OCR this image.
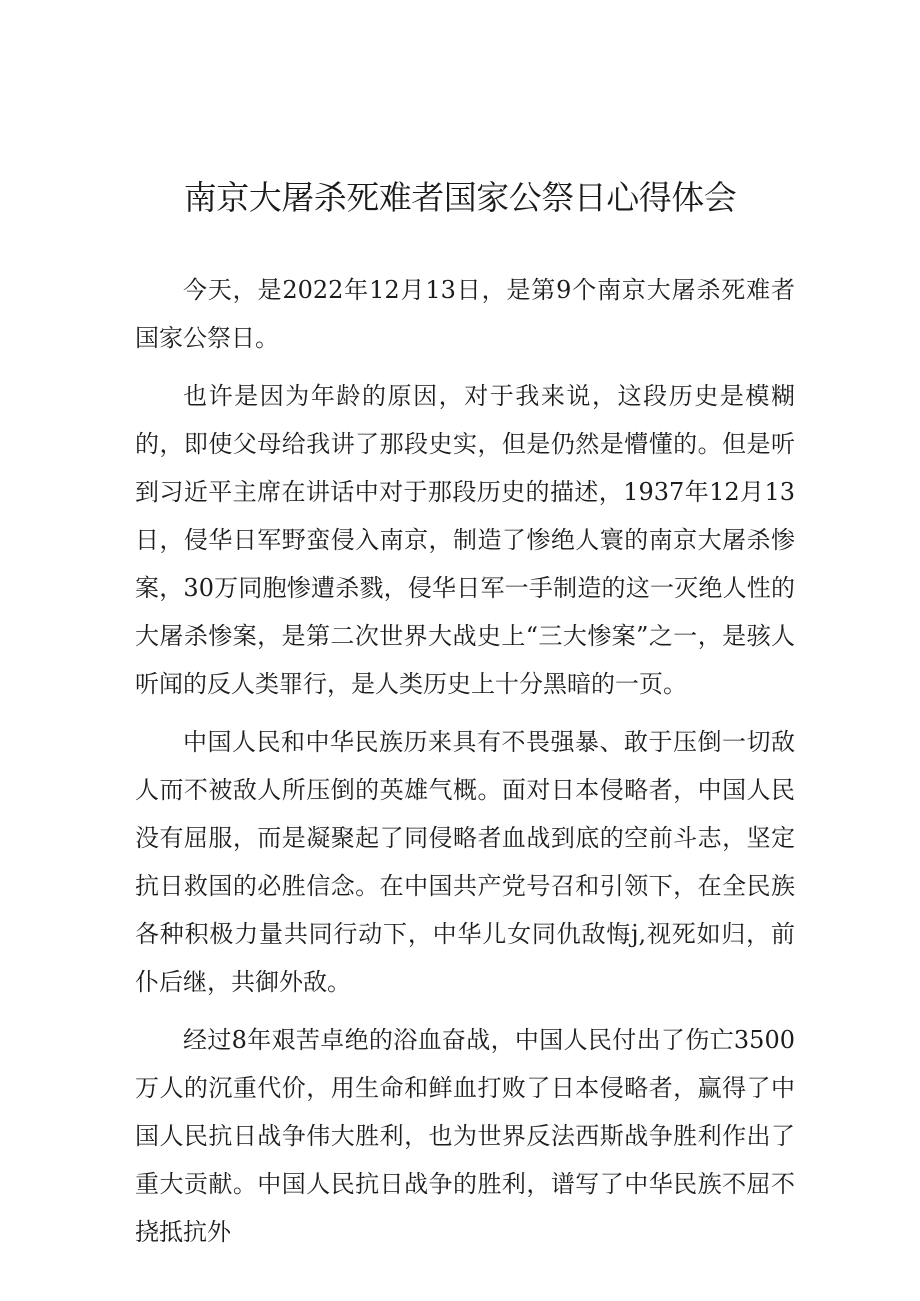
南京大屠杀死难者国家公祭日心得体会

今天，是2022年12月13日，是第9个南京大屠杀死难者国家公祭日。

也许是因为年龄的原因，对于我来说，这段历史是模糊的，即使父母给我讲了那段史实，但是仍然是懵懂的。但是听到习近平主席在讲话中对于那段历史的描述，1937年12月13日，侵华日军野蛮侵入南京，制造了惨绝人寰的南京大屠杀惨案，30万同胞惨遭杀戮，侵华日军一手制造的这一灭绝人性的大屠杀惨案，是第二次世界大战史上“三大惨案”之一，是骇人听闻的反人类罪行，是人类历史上十分黑暗的一页。

中国人民和中华民族历来具有不畏强暴、敢于压倒一切敌人而不被敌人所压倒的英雄气概。面对日本侵略者，中国人民没有屈服，而是凝聚起了同侵略者血战到底的空前斗志，坚定抗日救国的必胜信念。在中国共产党号召和引领下，在全民族各种积极力量共同行动下，中华儿女同仇敌悔j,视死如归，前仆后继，共御外敌。

经过8年艰苦卓绝的浴血奋战，中国人民付出了伤亡3500万人的沉重代价，用生命和鲜血打败了日本侵略者，赢得了中国人民抗日战争伟大胜利，也为世界反法西斯战争胜利作出了重大贡献。中国人民抗日战争的胜利，谱写了中华民族不屈不挠抵抗外
